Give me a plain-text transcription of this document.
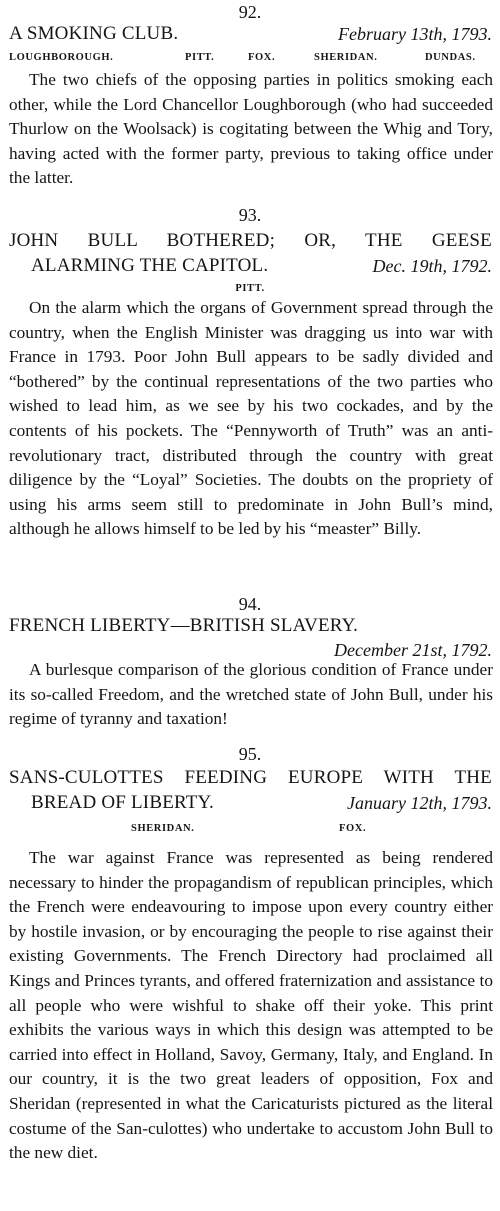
92.
A SMOKING CLUB.	February 13th, 1793.
LOUGHBOROUGH.	PITT.	FOX.	SHERIDAN.	DUNDAS.

The two chiefs of the opposing parties in politics smoking each other, while the Lord Chancellor Loughborough (who had succeeded Thurlow on the Woolsack) is cogitating between the Whig and Tory, having acted with the former party, previous to taking office under the latter.

93.
JOHN BULL BOTHERED; OR, THE GEESE
ALARMING THE CAPITOL.	Dec. 19th, 1792.
PITT.

On the alarm which the organs of Government spread through the country, when the English Minister was dragging us into war with France in 1793. Poor John Bull appears to be sadly divided and “bothered” by the continual representations of the two parties who wished to lead him, as we see by his two cockades, and by the contents of his pockets. The “Pennyworth of Truth” was an anti-revolutionary tract, distributed through the country with great diligence by the “Loyal” Societies. The doubts on the propriety of using his arms seem still to predominate in John Bull’s mind, although he allows himself to be led by his “measter” Billy.

94.
FRENCH LIBERTY—BRITISH SLAVERY.
December 21st, 1792.

A burlesque comparison of the glorious condition of France under its so-called Freedom, and the wretched state of John Bull, under his regime of tyranny and taxation!

95.
SANS-CULOTTES FEEDING EUROPE WITH THE
BREAD OF LIBERTY.	January 12th, 1793.
SHERIDAN.	FOX.

The war against France was represented as being rendered necessary to hinder the propagandism of republican principles, which the French were endeavouring to impose upon every country either by hostile invasion, or by encouraging the people to rise against their existing Governments. The French Directory had proclaimed all Kings and Princes tyrants, and offered fraternization and assistance to all people who were wishful to shake off their yoke. This print exhibits the various ways in which this design was attempted to be carried into effect in Holland, Savoy, Germany, Italy, and England. In our country, it is the two great leaders of opposition, Fox and Sheridan (represented in what the Caricaturists pictured as the literal costume of the San-culottes) who undertake to accustom John Bull to the new diet.
